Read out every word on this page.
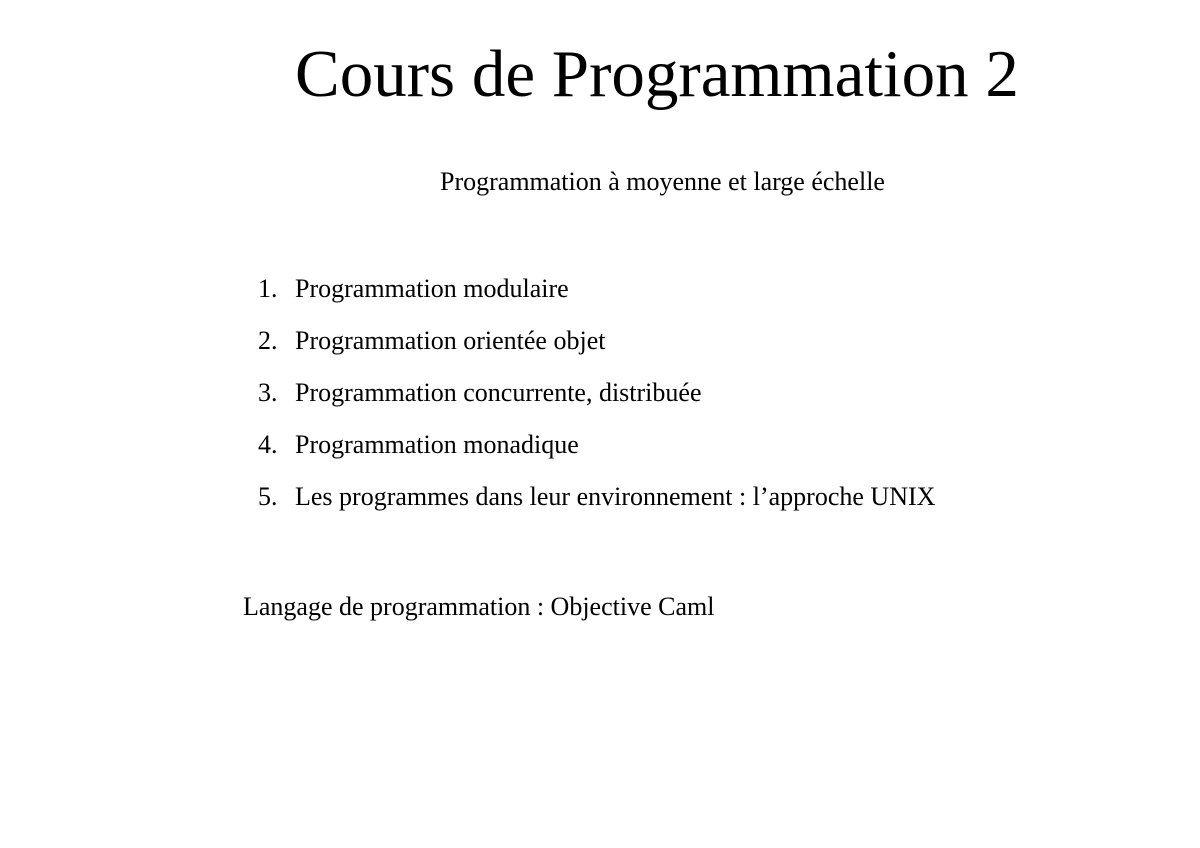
Cours de Programmation 2

Programmation à moyenne et large échelle

1. Programmation modulaire
2. Programmation orientée objet
3. Programmation concurrente, distribuée
4. Programmation monadique
5. Les programmes dans leur environnement : l’approche UNIX

Langage de programmation : Objective Caml
